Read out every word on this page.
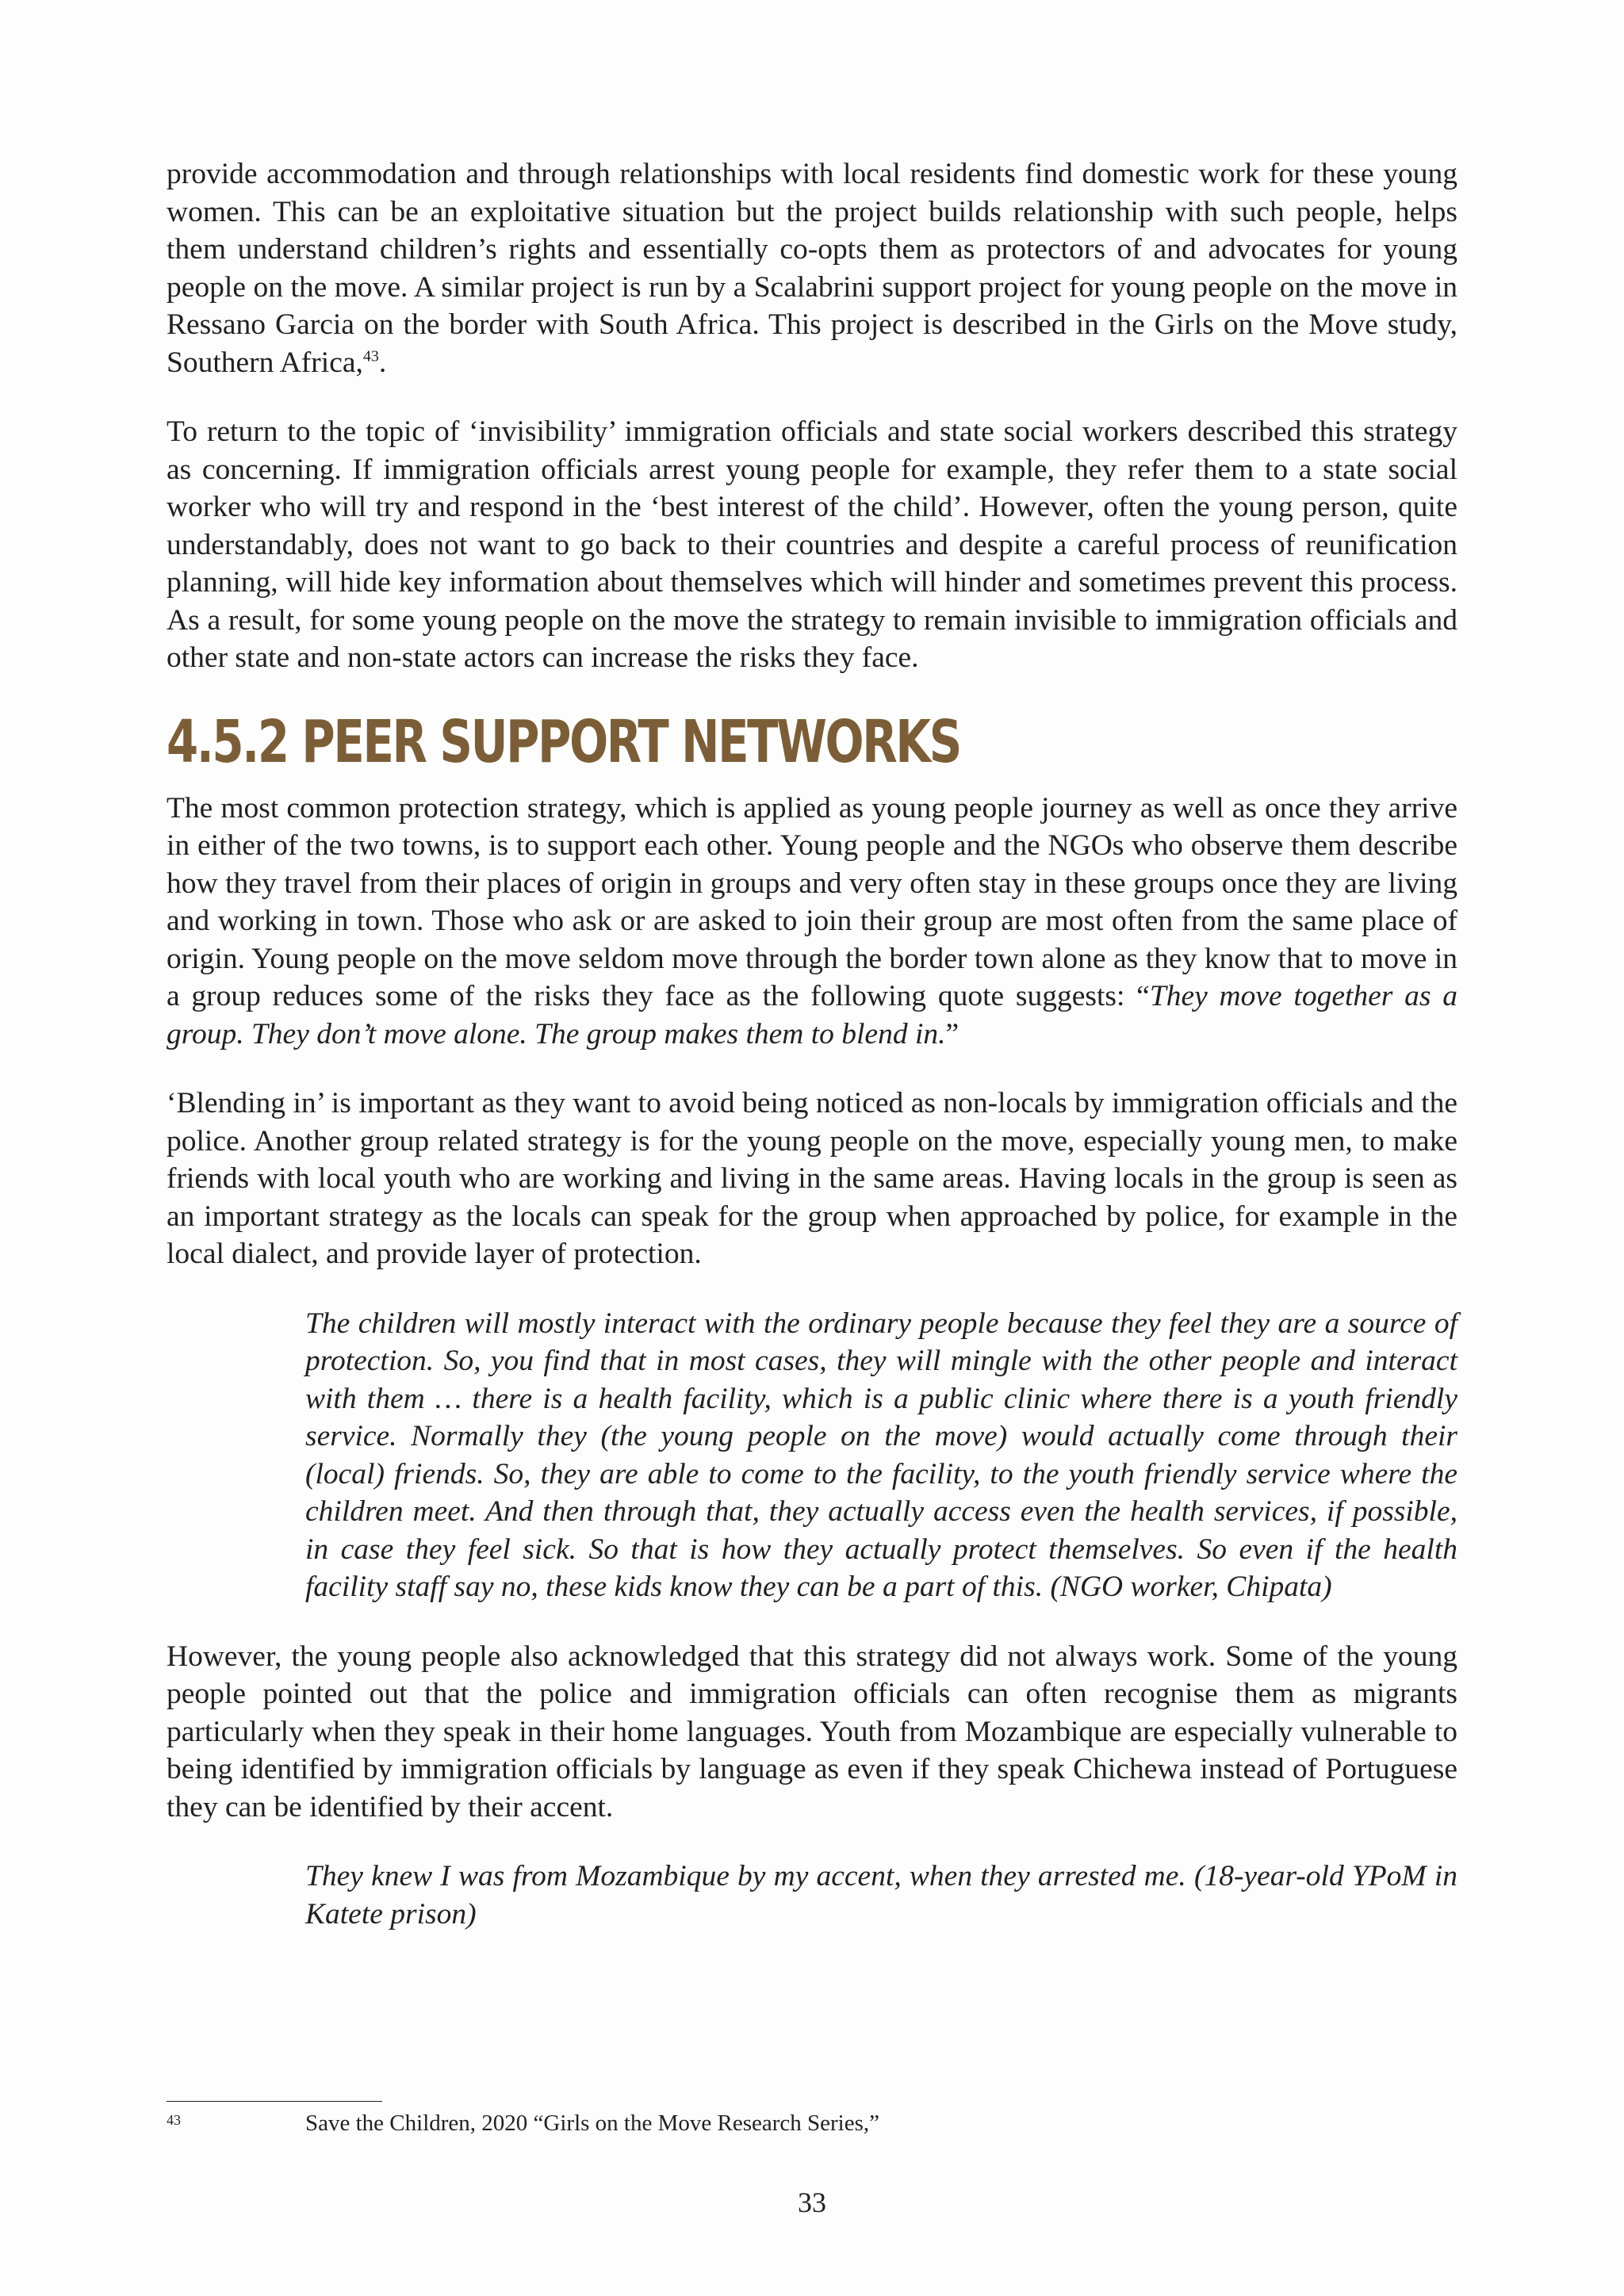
provide accommodation and through relationships with local residents find domestic work for these young women. This can be an exploitative situation but the project builds relationship with such people, helps them understand children’s rights and essentially co-opts them as protectors of and advocates for young people on the move. A similar project is run by a Scalabrini support project for young people on the move in Ressano Garcia on the border with South Africa. This project is described in the Girls on the Move study, Southern Africa,$^{43}$.

To return to the topic of ‘invisibility’ immigration officials and state social workers described this strategy as concerning. If immigration officials arrest young people for example, they refer them to a state social worker who will try and respond in the ‘best interest of the child’. However, often the young person, quite understandably, does not want to go back to their countries and despite a careful process of reunification planning, will hide key information about themselves which will hinder and sometimes prevent this process. As a result, for some young people on the move the strategy to remain invisible to immigration officials and other state and non-state actors can increase the risks they face.

4.5.2 PEER SUPPORT NETWORKS

The most common protection strategy, which is applied as young people journey as well as once they arrive in either of the two towns, is to support each other. Young people and the NGOs who observe them describe how they travel from their places of origin in groups and very often stay in these groups once they are living and working in town. Those who ask or are asked to join their group are most often from the same place of origin. Young people on the move seldom move through the border town alone as they know that to move in a group reduces some of the risks they face as the following quote suggests: “They move together as a group. They don’t move alone. The group makes them to blend in.”

‘Blending in’ is important as they want to avoid being noticed as non-locals by immigration officials and the police. Another group related strategy is for the young people on the move, especially young men, to make friends with local youth who are working and living in the same areas. Having locals in the group is seen as an important strategy as the locals can speak for the group when approached by police, for example in the local dialect, and provide layer of protection.

The children will mostly interact with the ordinary people because they feel they are a source of protection. So, you find that in most cases, they will mingle with the other people and interact with them … there is a health facility, which is a public clinic where there is a youth friendly service. Normally they (the young people on the move) would actually come through their (local) friends. So, they are able to come to the facility, to the youth friendly service where the children meet. And then through that, they actually access even the health services, if possible, in case they feel sick. So that is how they actually protect themselves. So even if the health facility staff say no, these kids know they can be a part of this. (NGO worker, Chipata)

However, the young people also acknowledged that this strategy did not always work. Some of the young people pointed out that the police and immigration officials can often recognise them as migrants particularly when they speak in their home languages. Youth from Mozambique are especially vulnerable to being identified by immigration officials by language as even if they speak Chichewa instead of Portuguese they can be identified by their accent.

They knew I was from Mozambique by my accent, when they arrested me. (18-year-old YPoM in Katete prison)

43	Save the Children, 2020 “Girls on the Move Research Series,”
33
